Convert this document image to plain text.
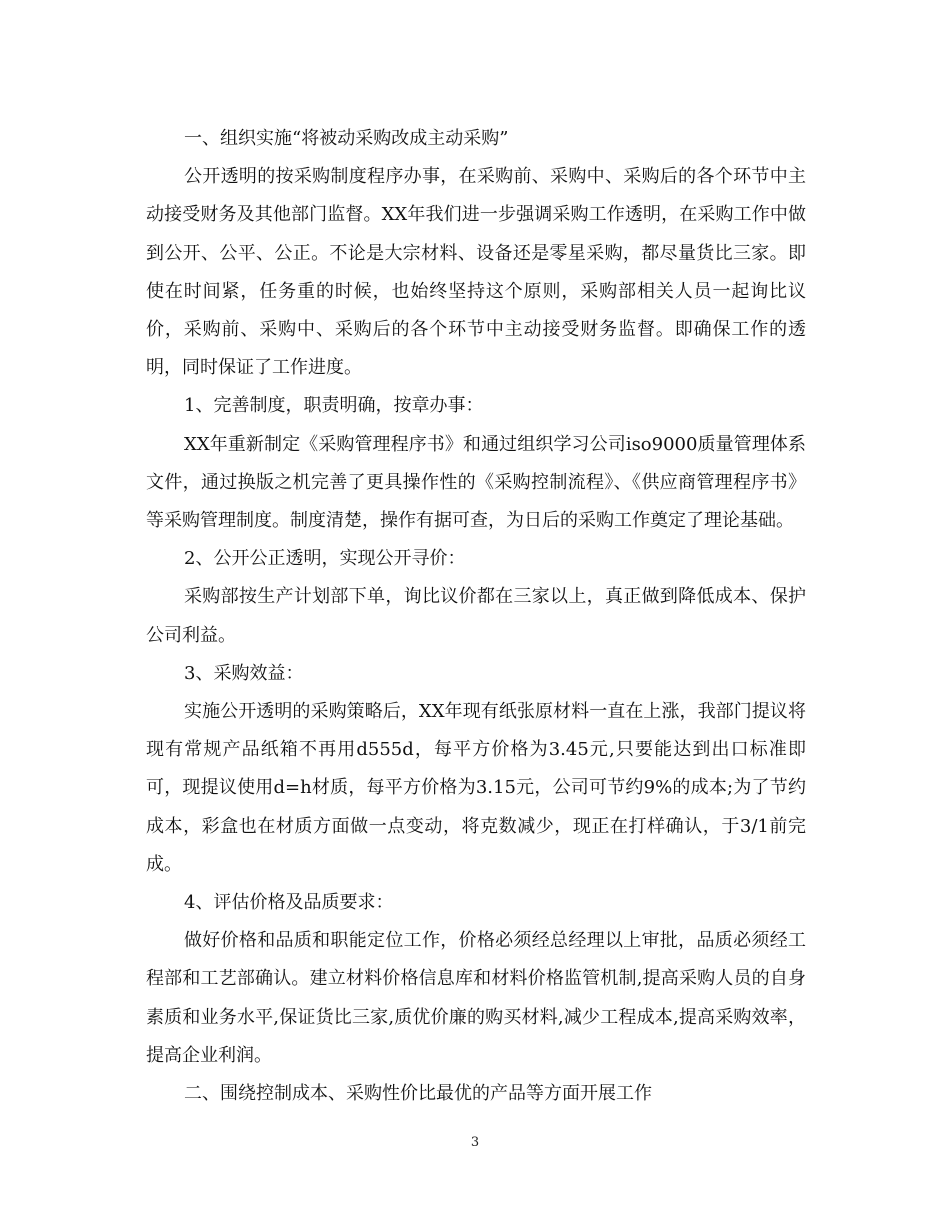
一、组织实施“将被动采购改成主动采购”

公开透明的按采购制度程序办事，在采购前、采购中、采购后的各个环节中主动接受财务及其他部门监督。XX年我们进一步强调采购工作透明，在采购工作中做到公开、公平、公正。不论是大宗材料、设备还是零星采购，都尽量货比三家。即使在时间紧，任务重的时候，也始终坚持这个原则，采购部相关人员一起询比议价，采购前、采购中、采购后的各个环节中主动接受财务监督。即确保工作的透明，同时保证了工作进度。

1、完善制度，职责明确，按章办事：

XX年重新制定《采购管理程序书》和通过组织学习公司iso9000质量管理体系文件，通过换版之机完善了更具操作性的《采购控制流程》、《供应商管理程序书》等采购管理制度。制度清楚，操作有据可查，为日后的采购工作奠定了理论基础。

2、公开公正透明，实现公开寻价：

采购部按生产计划部下单，询比议价都在三家以上，真正做到降低成本、保护公司利益。

3、采购效益：

实施公开透明的采购策略后，XX年现有纸张原材料一直在上涨，我部门提议将现有常规产品纸箱不再用d555d，每平方价格为3.45元,只要能达到出口标准即可，现提议使用d=h材质，每平方价格为3.15元，公司可节约9%的成本;为了节约成本，彩盒也在材质方面做一点变动，将克数减少，现正在打样确认，于3/1前完成。

4、评估价格及品质要求：

做好价格和品质和职能定位工作，价格必须经总经理以上审批，品质必须经工程部和工艺部确认。建立材料价格信息库和材料价格监管机制,提高采购人员的自身素质和业务水平,保证货比三家,质优价廉的购买材料,减少工程成本,提高采购效率，提高企业利润。

二、围绕控制成本、采购性价比最优的产品等方面开展工作

3
